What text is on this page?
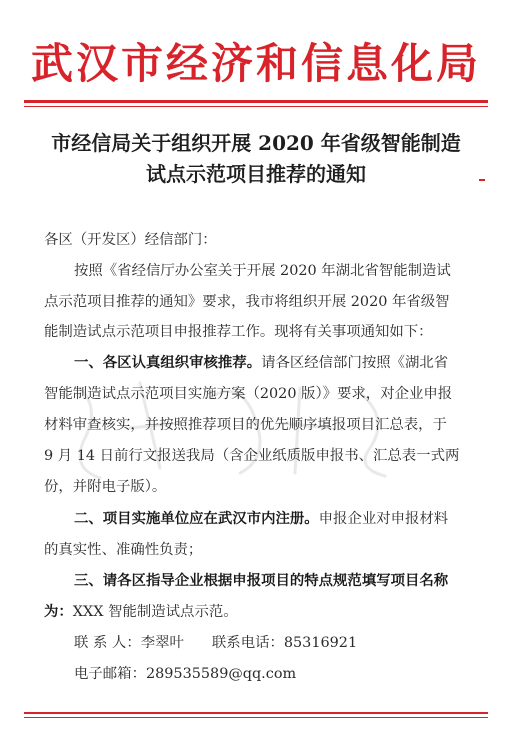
武汉市经济和信息化局
市经信局关于组织开展 2020 年省级智能制造
试点示范项目推荐的通知
各区（开发区）经信部门：
按照《省经信厅办公室关于开展 2020 年湖北省智能制造试
点示范项目推荐的通知》要求，我市将组织开展 2020 年省级智
能制造试点示范项目申报推荐工作。现将有关事项通知如下：
一、各区认真组织审核推荐。请各区经信部门按照《湖北省
智能制造试点示范项目实施方案（2020 版）》要求，对企业申报
材料审查核实，并按照推荐项目的优先顺序填报项目汇总表，于
9 月 14 日前行文报送我局（含企业纸质版申报书、汇总表一式两
份，并附电子版）。
二、项目实施单位应在武汉市内注册。申报企业对申报材料
的真实性、准确性负责；
三、请各区指导企业根据申报项目的特点规范填写项目名称
为：XXX 智能制造试点示范。
联 系 人：李翠叶 联系电话：85316921
电子邮箱：289535589@qq.com
